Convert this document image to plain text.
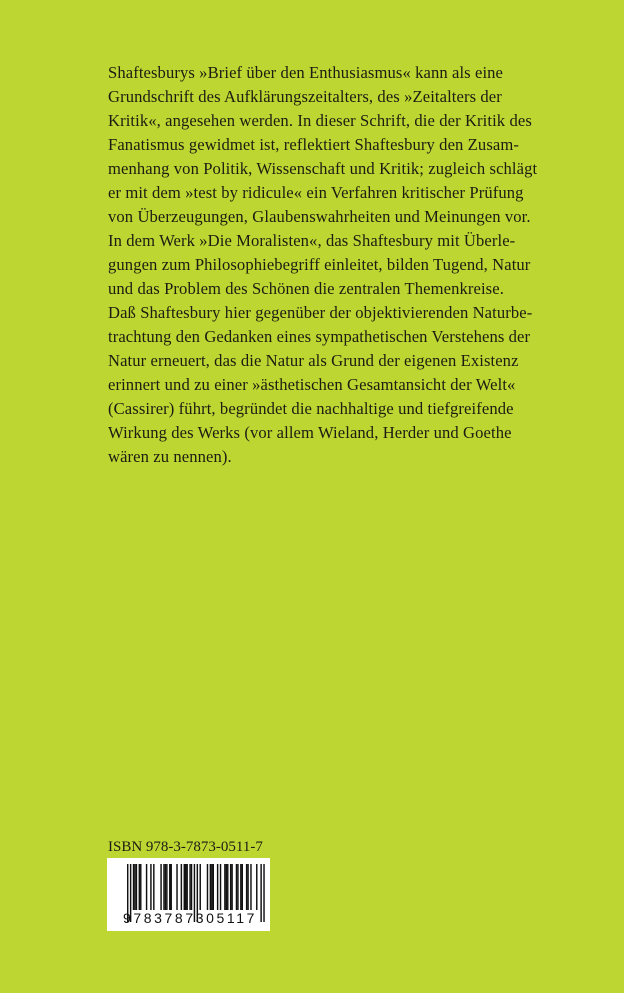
Shaftesburys »Brief über den Enthusiasmus« kann als eine
Grundschrift des Aufklärungszeitalters, des »Zeitalters der
Kritik«, angesehen werden. In dieser Schrift, die der Kritik des
Fanatismus gewidmet ist, reflektiert Shaftesbury den Zusam-
menhang von Politik, Wissenschaft und Kritik; zugleich schlägt
er mit dem »test by ridicule« ein Verfahren kritischer Prüfung
von Überzeugungen, Glaubenswahrheiten und Meinungen vor.
In dem Werk »Die Moralisten«, das Shaftesbury mit Überle-
gungen zum Philosophiebegriff einleitet, bilden Tugend, Natur
und das Problem des Schönen die zentralen Themenkreise.
Daß Shaftesbury hier gegenüber der objektivierenden Naturbe-
trachtung den Gedanken eines sympathetischen Verstehens der
Natur erneuert, das die Natur als Grund der eigenen Existenz
erinnert und zu einer »ästhetischen Gesamtansicht der Welt«
(Cassirer) führt, begründet die nachhaltige und tiefgreifende
Wirkung des Werks (vor allem Wieland, Herder und Goethe
wären zu nennen).
ISBN 978-3-7873-0511-7
9783787305117
